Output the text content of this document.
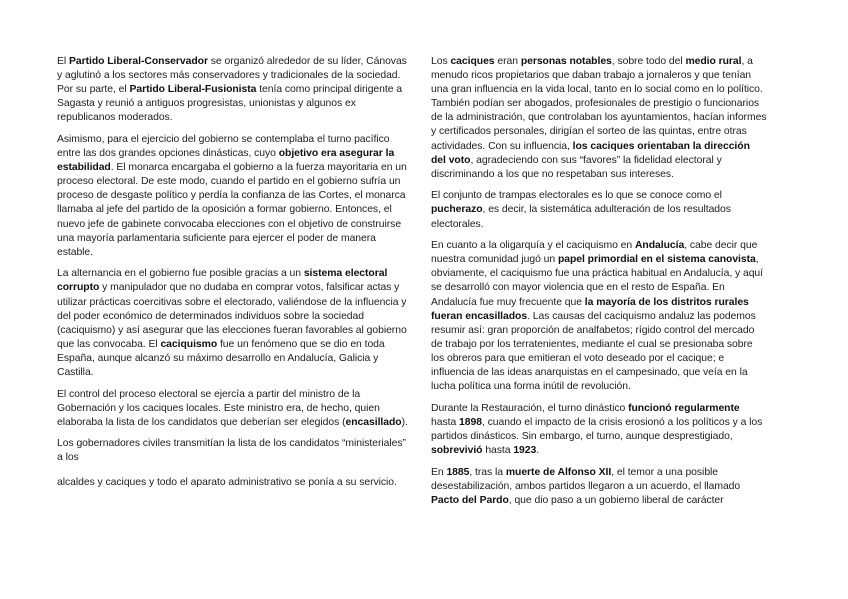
El Partido Liberal-Conservador se organizó alrededor de su líder, Cánovas y aglutinó a los sectores más conservadores y tradicionales de la sociedad. Por su parte, el Partido Liberal-Fusionista tenía como principal dirigente a Sagasta y reunió a antiguos progresistas, unionistas y algunos ex republicanos moderados.

Asimismo, para el ejercicio del gobierno se contemplaba el turno pacífico entre las dos grandes opciones dinásticas, cuyo objetivo era asegurar la estabilidad. El monarca encargaba el gobierno a la fuerza mayoritaria en un proceso electoral. De este modo, cuando el partido en el gobierno sufría un proceso de desgaste político y perdía la confianza de las Cortes, el monarca llamaba al jefe del partido de la oposición a formar gobierno. Entonces, el nuevo jefe de gabinete convocaba elecciones con el objetivo de construirse una mayoría parlamentaria suficiente para ejercer el poder de manera estable.

La alternancia en el gobierno fue posible gracias a un sistema electoral corrupto y manipulador que no dudaba en comprar votos, falsificar actas y utilizar prácticas coercitivas sobre el electorado, valiéndose de la influencia y del poder económico de determinados individuos sobre la sociedad (caciquismo) y así asegurar que las elecciones fueran favorables al gobierno que las convocaba. El caciquismo fue un fenómeno que se dio en toda España, aunque alcanzó su máximo desarrollo en Andalucía, Galicia y Castilla.

El control del proceso electoral se ejercía a partir del ministro de la Gobernación y los caciques locales. Este ministro era, de hecho, quien elaboraba la lista de los candidatos que deberían ser elegidos (encasillado).

Los gobernadores civiles transmitían la lista de los candidatos “ministeriales” a los

alcaldes y caciques y todo el aparato administrativo se ponía a su servicio.

Los caciques eran personas notables, sobre todo del medio rural, a menudo ricos propietarios que daban trabajo a jornaleros y que tenían una gran influencia en la vida local, tanto en lo social como en lo político. También podían ser abogados, profesionales de prestigio o funcionarios de la administración, que controlaban los ayuntamientos, hacían informes y certificados personales, dirigían el sorteo de las quintas, entre otras actividades. Con su influencia, los caciques orientaban la dirección del voto, agradeciendo con sus “favores” la fidelidad electoral y discriminando a los que no respetaban sus intereses.

El conjunto de trampas electorales es lo que se conoce como el pucherazo, es decir, la sistemática adulteración de los resultados electorales.

En cuanto a la oligarquía y el caciquismo en Andalucía, cabe decir que nuestra comunidad jugó un papel primordial en el sistema canovista, obviamente, el caciquismo fue una práctica habitual en Andalucía, y aquí se desarrolló con mayor violencia que en el resto de España. En Andalucía fue muy frecuente que la mayoría de los distritos rurales fueran encasillados. Las causas del caciquismo andaluz las podemos resumir así: gran proporción de analfabetos; rígido control del mercado de trabajo por los terratenientes, mediante el cual se presionaba sobre los obreros para que emitieran el voto deseado por el cacique; e influencia de las ideas anarquistas en el campesinado, que veía en la lucha política una forma inútil de revolución.

Durante la Restauración, el turno dinástico funcionó regularmente hasta 1898, cuando el impacto de la crisis erosionó a los políticos y a los partidos dinásticos. Sin embargo, el turno, aunque desprestigiado, sobrevivió hasta 1923.

En 1885, tras la muerte de Alfonso XII, el temor a una posible desestabilización, ambos partidos llegaron a un acuerdo, el llamado Pacto del Pardo, que dio paso a un gobierno liberal de carácter
